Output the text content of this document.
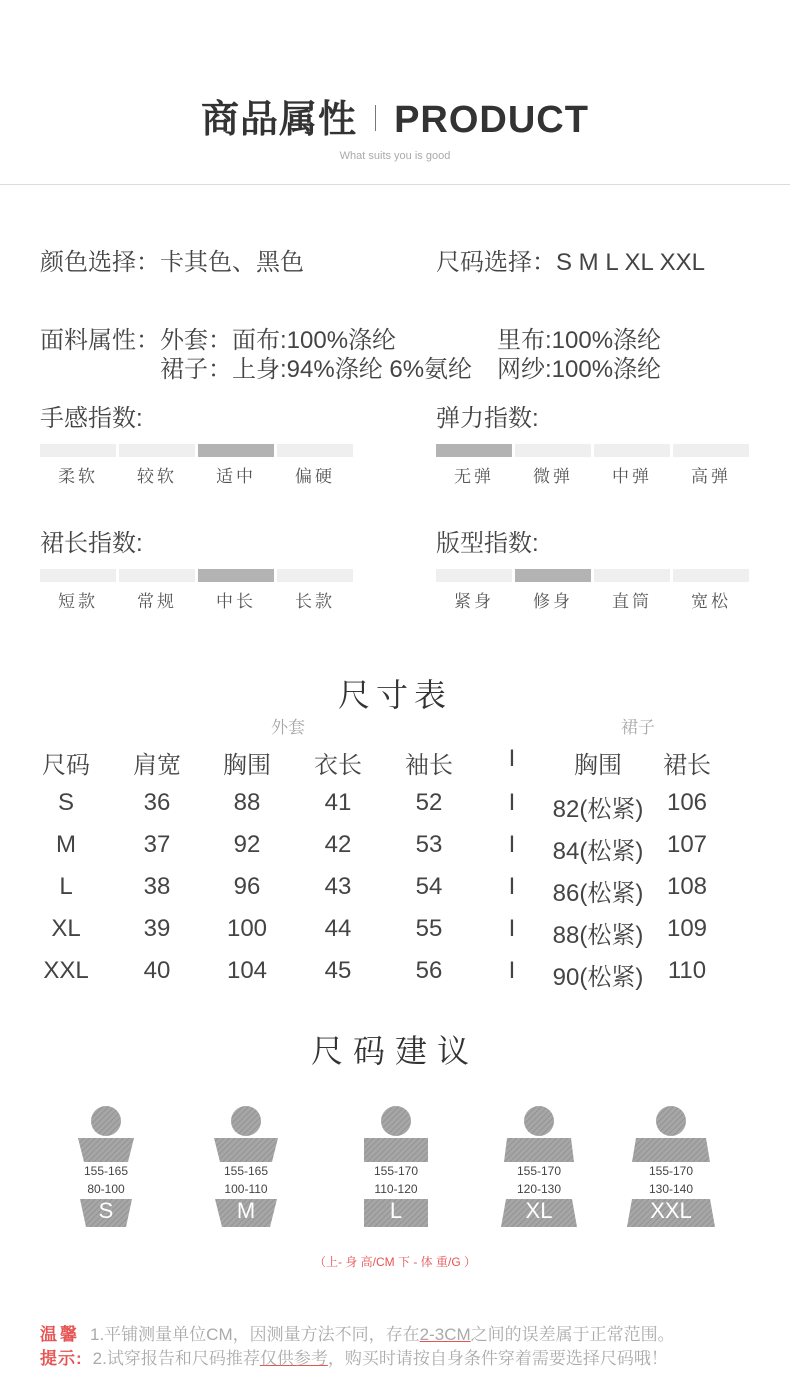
商品属性 PRODUCT
What suits you is good
颜色选择：卡其色、黑色	尺码选择：S M L XL XXL
面料属性： 外套：面布:100%涤纶	里布:100%涤纶
裙子：上身:94%涤纶 6%氨纶 网纱:100%涤纶
手感指数:
柔软	较软	适中	偏硬
弹力指数:
无弹	微弹	中弹	高弹
裙长指数:
短款	常规	中长	长款
版型指数:
紧身	修身	直筒	宽松
尺寸表
外套	裙子
尺码	肩宽	胸围	衣长	袖长	I	胸围	裙长
S	36	88	41	52	I	82(松紧) 106
M	37	92	42	53	I	84(松紧) 107
L	38	96	43	54	I	86(松紧) 108
XL	39	100	44	55	I	88(松紧) 109
XXL	40	104	45	56	I	90(松紧)	110
尺码建议
155-165
80-100
S
155-165
100-110
M
155-170
110-120
L
155-170
120-130
XL
155-170
130-140
XXL
（上- 身 高/CM 下 - 体 重/G ）
温馨 1.平铺测量单位CM，因测量方法不同，存在2-3CM之间的误差属于正常范围。
提示: 2.试穿报告和尺码推荐仅供参考，购买时请按自身条件穿着需要选择尺码哦！
